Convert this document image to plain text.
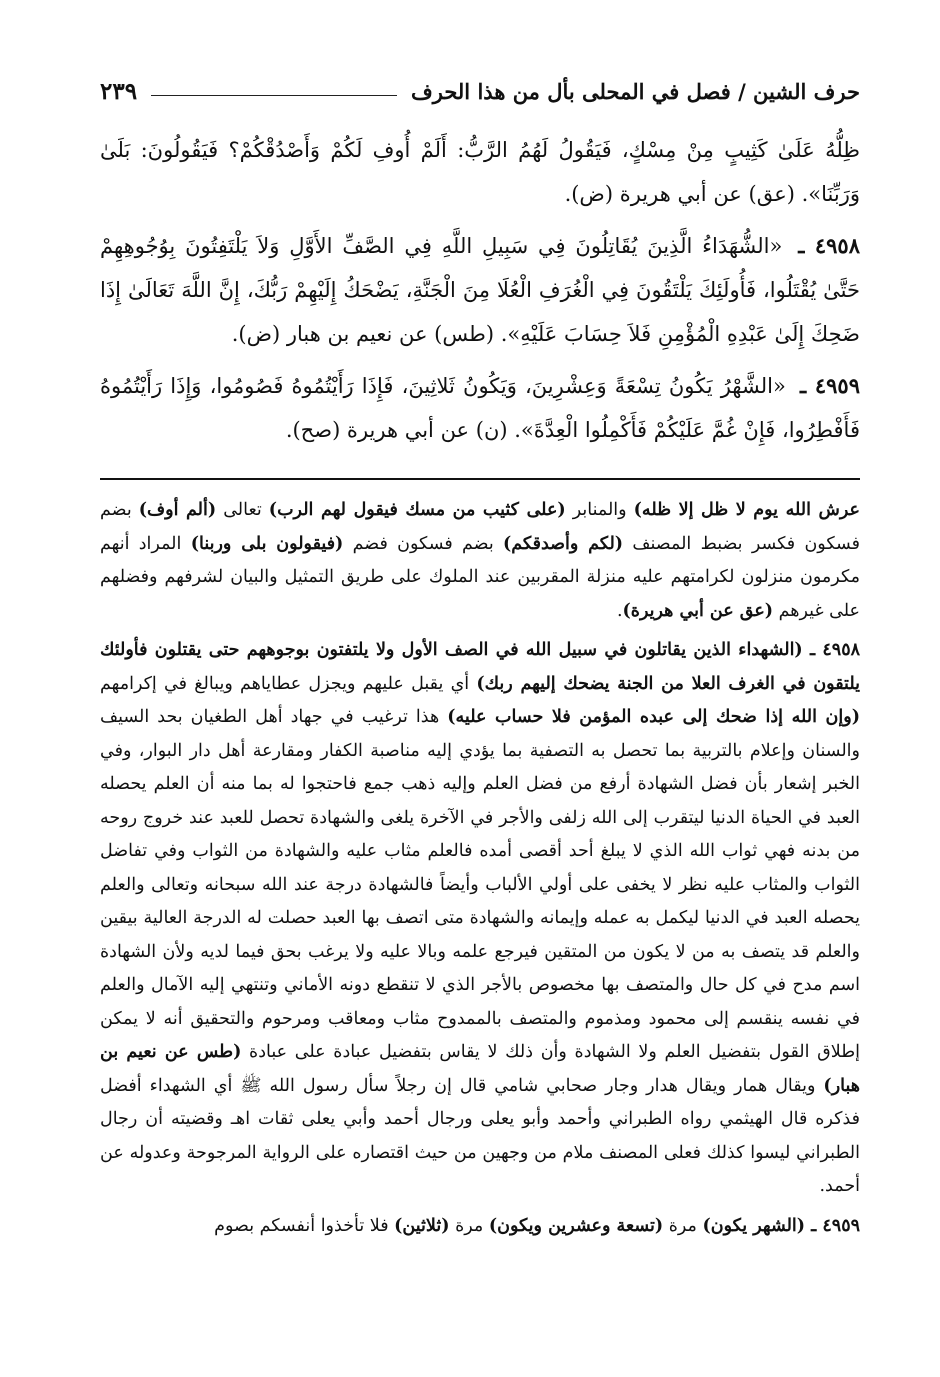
حرف الشين / فصل في المحلى بأل من هذا الحرف
٢٣٩

ظِلُّهُ عَلَىٰ كَثِيبٍ مِنْ مِسْكٍ، فَيَقُولُ لَهُمُ الرَّبُّ: أَلَمْ أُوفِ لَكُمْ وَأَصْدُقْكُمْ؟ فَيَقُولُونَ: بَلَىٰ وَرَبِّنَا». (عق) عن أبي هريرة (ض).

٤٩٥٨ ـ «الشُّهَدَاءُ الَّذِينَ يُقَاتِلُونَ فِي سَبِيلِ اللَّهِ فِي الصَّفِّ الأَوَّلِ وَلاَ يَلْتَفِتُونَ بِوُجُوهِهِمْ حَتَّىٰ يُقْتَلُوا، فَأُولَئِكَ يَلْتَقُونَ فِي الْغُرَفِ الْعُلَا مِنَ الْجَنَّةِ، يَضْحَكُ إِلَيْهِمْ رَبُّكَ، إِنَّ اللَّهَ تَعَالَىٰ إِذَا ضَحِكَ إِلَىٰ عَبْدِهِ الْمُؤْمِنِ فَلاَ حِسَابَ عَلَيْهِ». (طس) عن نعيم بن هبار (ض).

٤٩٥٩ ـ «الشَّهْرُ يَكُونُ تِسْعَةً وَعِشْرِينَ، وَيَكُونُ ثَلاثِينَ، فَإِذَا رَأَيْتُمُوهُ فَصُومُوا، وَإِذَا رَأَيْتُمُوهُ فَأَفْطِرُوا، فَإِنْ غُمَّ عَلَيْكُمْ فَأَكْمِلُوا الْعِدَّةَ». (ن) عن أبي هريرة (صح).

عرش الله يوم لا ظل إلا ظله) والمنابر (على كثيب من مسك فيقول لهم الرب) تعالى (ألم أوف) بضم فسكون فكسر بضبط المصنف (لكم وأصدقكم) بضم فسكون فضم (فيقولون بلى وربنا) المراد أنهم مكرمون منزلون لكرامتهم عليه منزلة المقربين عند الملوك على طريق التمثيل والبيان لشرفهم وفضلهم على غيرهم (عق عن أبي هريرة).

٤٩٥٨ ـ (الشهداء الذين يقاتلون في سبيل الله في الصف الأول ولا يلتفتون بوجوههم حتى يقتلون فأولئك يلتقون في الغرف العلا من الجنة يضحك إليهم ربك) أي يقبل عليهم ويجزل عطاياهم ويبالغ في إكرامهم (وإن الله إذا ضحك إلى عبده المؤمن فلا حساب عليه) هذا ترغيب في جهاد أهل الطغيان بحد السيف والسنان وإعلام بالتربية بما تحصل به التصفية بما يؤدي إليه مناصبة الكفار ومقارعة أهل دار البوار، وفي الخبر إشعار بأن فضل الشهادة أرفع من فضل العلم وإليه ذهب جمع فاحتجوا له بما منه أن العلم يحصله العبد في الحياة الدنيا ليتقرب إلى الله زلفى والأجر في الآخرة يلغى والشهادة تحصل للعبد عند خروج روحه من بدنه فهي ثواب الله الذي لا يبلغ أحد أقصى أمده فالعلم مثاب عليه والشهادة من الثواب وفي تفاضل الثواب والمثاب عليه نظر لا يخفى على أولي الألباب وأيضاً فالشهادة درجة عند الله سبحانه وتعالى والعلم يحصله العبد في الدنيا ليكمل به عمله وإيمانه والشهادة متى اتصف بها العبد حصلت له الدرجة العالية بيقين والعلم قد يتصف به من لا يكون من المتقين فيرجع علمه وبالا عليه ولا يرغب بحق فيما لديه ولأن الشهادة اسم مدح في كل حال والمتصف بها مخصوص بالأجر الذي لا تنقطع دونه الأماني وتنتهي إليه الآمال والعلم في نفسه ينقسم إلى محمود ومذموم والمتصف بالممدوح مثاب ومعاقب ومرحوم والتحقيق أنه لا يمكن إطلاق القول بتفضيل العلم ولا الشهادة وأن ذلك لا يقاس بتفضيل عبادة على عبادة (طس عن نعيم بن هبار) ويقال همار ويقال هدار وجار صحابي شامي قال إن رجلاً سأل رسول الله ﷺ أي الشهداء أفضل فذكره قال الهيثمي رواه الطبراني وأحمد وأبو يعلى ورجال أحمد وأبي يعلى ثقات اهـ وقضيته أن رجال الطبراني ليسوا كذلك فعلى المصنف ملام من وجهين من حيث اقتصاره على الرواية المرجوحة وعدوله عن أحمد.

٤٩٥٩ ـ (الشهر يكون) مرة (تسعة وعشرين ويكون) مرة (ثلاثين) فلا تأخذوا أنفسكم بصوم
